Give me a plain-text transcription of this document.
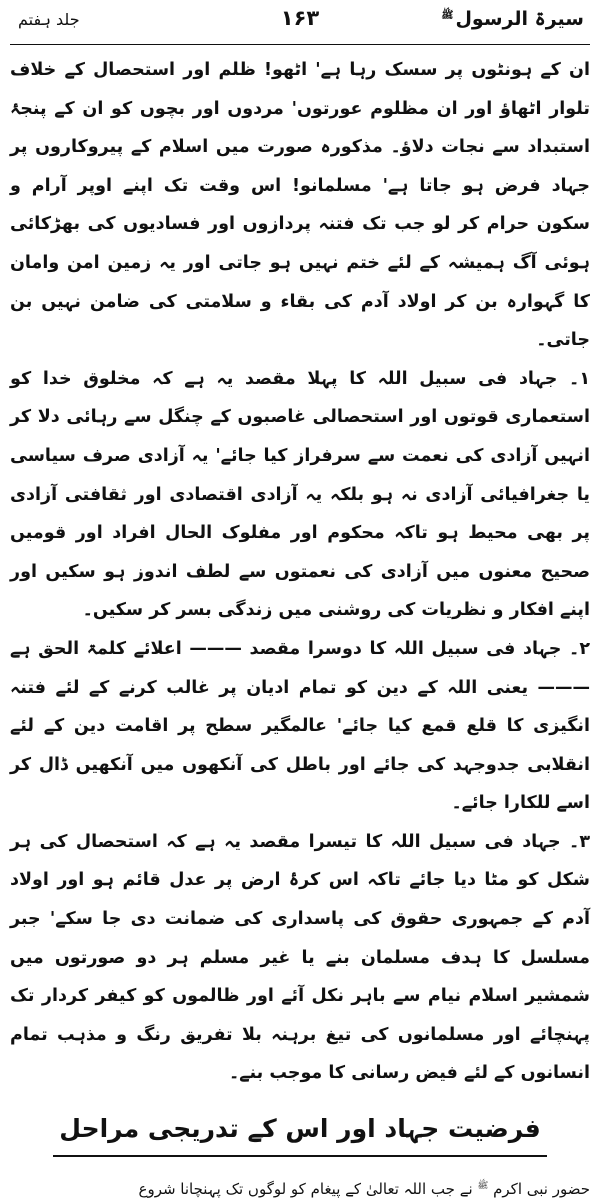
سیرۃ الرسول$^ﷺ$
۱۶۳
جلد ہفتم

ان کے ہونٹوں پر سسک رہا ہے' اٹھو! ظلم اور استحصال کے خلاف تلوار اٹھاؤ اور ان مظلوم عورتوں' مردوں اور بچوں کو ان کے پنجۂ استبداد سے نجات دلاؤ۔ مذکورہ صورت میں اسلام کے پیروکاروں پر جہاد فرض ہو جاتا ہے' مسلمانو! اس وقت تک اپنے اوپر آرام و سکون حرام کر لو جب تک فتنہ پردازوں اور فسادیوں کی بھڑکائی ہوئی آگ ہمیشہ کے لئے ختم نہیں ہو جاتی اور یہ زمین امن وامان کا گہوارہ بن کر اولاد آدم کی بقاء و سلامتی کی ضامن نہیں بن جاتی۔

۱۔ جہاد فی سبیل اللہ کا پہلا مقصد یہ ہے کہ مخلوق خدا کو استعماری قوتوں اور استحصالی غاصبوں کے چنگل سے رہائی دلا کر انہیں آزادی کی نعمت سے سرفراز کیا جائے' یہ آزادی صرف سیاسی یا جغرافیائی آزادی نہ ہو بلکہ یہ آزادی اقتصادی اور ثقافتی آزادی پر بھی محیط ہو تاکہ محکوم اور مفلوک الحال افراد اور قومیں صحیح معنوں میں آزادی کی نعمتوں سے لطف اندوز ہو سکیں اور اپنے افکار و نظریات کی روشنی میں زندگی بسر کر سکیں۔

۲۔ جہاد فی سبیل اللہ کا دوسرا مقصد ——— اعلائے کلمۃ الحق ہے ——— یعنی اللہ کے دین کو تمام ادیان پر غالب کرنے کے لئے فتنہ انگیزی کا قلع قمع کیا جائے' عالمگیر سطح پر اقامت دین کے لئے انقلابی جدوجہد کی جائے اور باطل کی آنکھوں میں آنکھیں ڈال کر اسے للکارا جائے۔

۳۔ جہاد فی سبیل اللہ کا تیسرا مقصد یہ ہے کہ استحصال کی ہر شکل کو مٹا دیا جائے تاکہ اس کرۂ ارض پر عدل قائم ہو اور اولاد آدم کے جمہوری حقوق کی پاسداری کی ضمانت دی جا سکے' جبر مسلسل کا ہدف مسلمان بنے یا غیر مسلم ہر دو صورتوں میں شمشیر اسلام نیام سے باہر نکل آئے اور ظالموں کو کیفر کردار تک پہنچائے اور مسلمانوں کی تیغ برہنہ بلا تفریق رنگ و مذہب تمام انسانوں کے لئے فیض رسانی کا موجب بنے۔

فرضیت جہاد اور اس کے تدریجی مراحل

حضور نبی اکرم $^ﷺ$ نے جب اللہ تعالیٰ کے پیغام کو لوگوں تک پہنچانا شروع
